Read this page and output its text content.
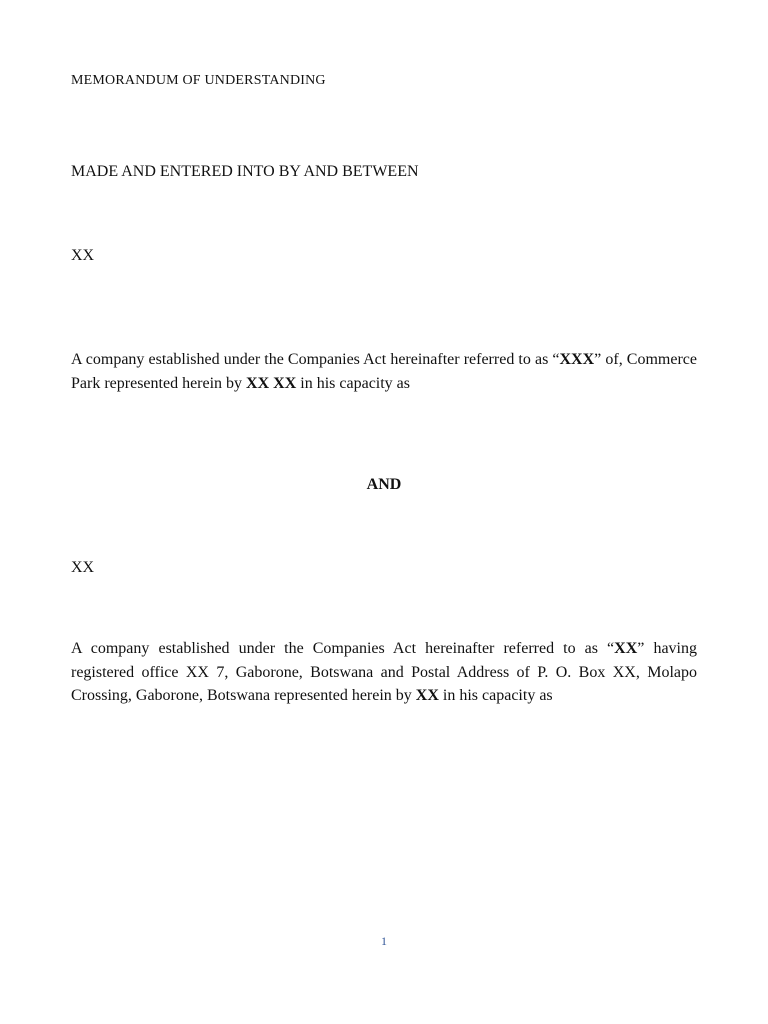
MEMORANDUM OF UNDERSTANDING

MADE AND ENTERED INTO BY AND BETWEEN

XX

A company established under the Companies Act hereinafter referred to as “XXX” of, Commerce Park represented herein by XX XX in his capacity as

AND

XX

A company established under the Companies Act hereinafter referred to as “XX” having registered office XX 7, Gaborone, Botswana and Postal Address of P. O. Box XX, Molapo Crossing, Gaborone, Botswana represented herein by XX in his capacity as

1
